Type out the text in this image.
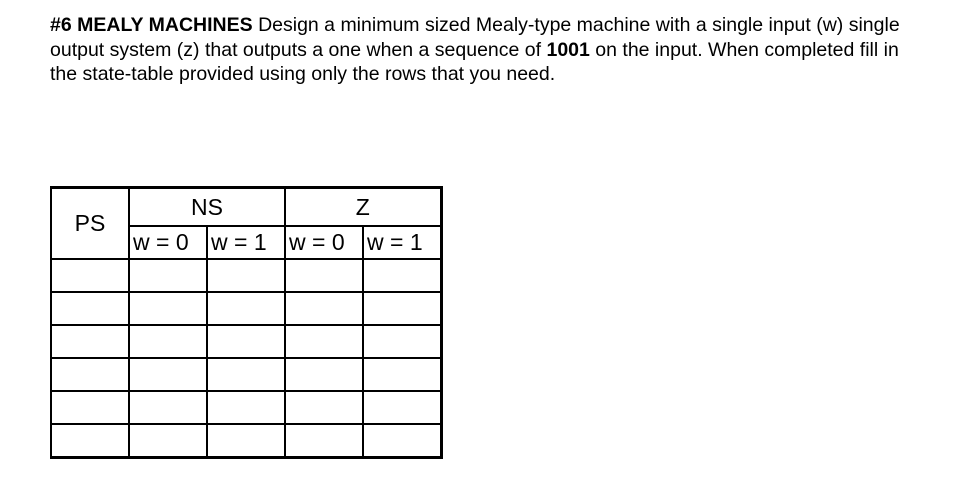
#6 MEALY MACHINES Design a minimum sized Mealy-type machine with a single input (w) single output system (z) that outputs a one when a sequence of 1001 on the input. When completed fill in the state-table provided using only the rows that you need.

PS	NS		Z	
	w = 0	w = 1	w = 0	w = 1
